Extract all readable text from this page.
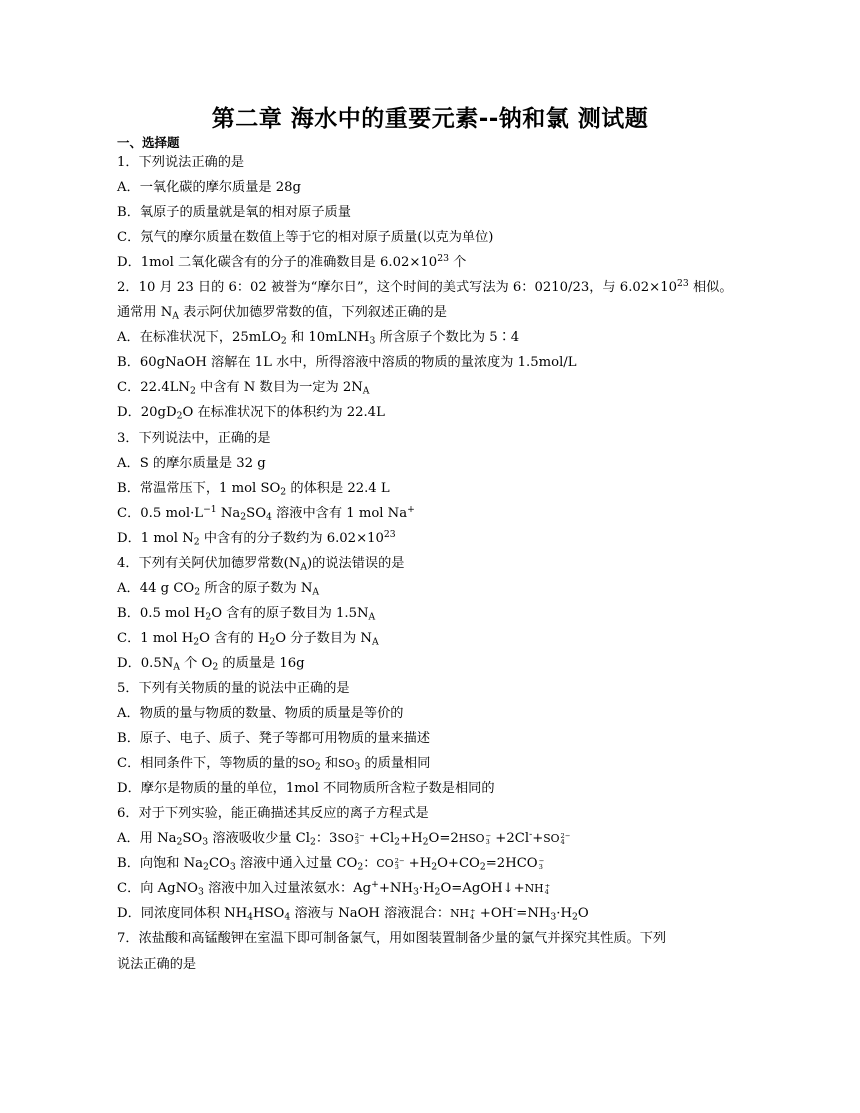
第二章 海水中的重要元素--钠和氯 测试题
一、选择题
1．下列说法正确的是
A．一氧化碳的摩尔质量是 28g
B．氧原子的质量就是氧的相对原子质量
C．氖气的摩尔质量在数值上等于它的相对原子质量(以克为单位)
D．1mol 二氧化碳含有的分子的准确数目是 $6.02\times 10^{23}$ 个
2．10 月 23 日的 6：02 被誉为“摩尔日”，这个时间的美式写法为 6：0210/23，与 $6.02\times 10^{23}$ 相似。
通常用 $N_A$ 表示阿伏加德罗常数的值，下列叙述正确的是
A．在标准状况下，25mLO$_2$ 和 10mLNH$_3$ 所含原子个数比为 5∶4
B．60gNaOH 溶解在 1L 水中，所得溶液中溶质的物质的量浓度为 1.5mol/L
C．$22.4LN_2$ 中含有 N 数目为一定为 $2N_A$
D．$20gD_2O$ 在标准状况下的体积约为 22.4L
3．下列说法中，正确的是
A．S 的摩尔质量是 32 g
B．常温常压下，1 mol $SO_2$ 的体积是 22.4 L
C．0.5 $mol\cdot L^{-1}$ $Na_2SO_4$ 溶液中含有 1 mol Na+
D．1 mol $N_2$ 中含有的分子数约为 $6.02\times 10^{23}$
4．下列有关阿伏加德罗常数$(N_A)$的说法错误的是
A．44 g $CO_2$ 所含的原子数为 $N_A$
B．0.5 mol $H_2O$ 含有的原子数目为 $1.5N_A$
C．1 mol $H_2O$ 含有的 $H_2O$ 分子数目为 $N_A$
D．$0.5N_A$ 个 $O_2$ 的质量是 16g
5．下列有关物质的量的说法中正确的是
A．物质的量与物质的数量、物质的质量是等价的
B．原子、电子、质子、凳子等都可用物质的量来描述
C．相同条件下，等物质的量的$SO_2$ 和$SO_3$ 的质量相同
D．摩尔是物质的量的单位，1mol 不同物质所含粒子数是相同的
6．对于下列实验，能正确描述其反应的离子方程式是
A．用 $Na_2SO_3$ 溶液吸收少量 $Cl_2$：3SO 2−
$3 +Cl_2+H_2O=2HSO$ −
3 +2Cl-+SO 2−
4
B．向饱和 $Na_2CO_3$ 溶液中通入过量 $CO_2$：CO 2−
$3 +H_2O+CO_2=2HCO$ −
3
C．向 AgNO$_3$ 溶液中加入过量浓氨水：$Ag^++NH_3\cdot H_2O=AgOH↓+NH$ +
4
D．同浓度同体积 $NH_4HSO_4$ 溶液与 NaOH 溶液混合：NH +
$4 +OH^-=NH_3\cdot H_2O$
7．浓盐酸和高锰酸钾在室温下即可制备氯气，用如图装置制备少量的氯气并探究其性质。下列
说法正确的是
